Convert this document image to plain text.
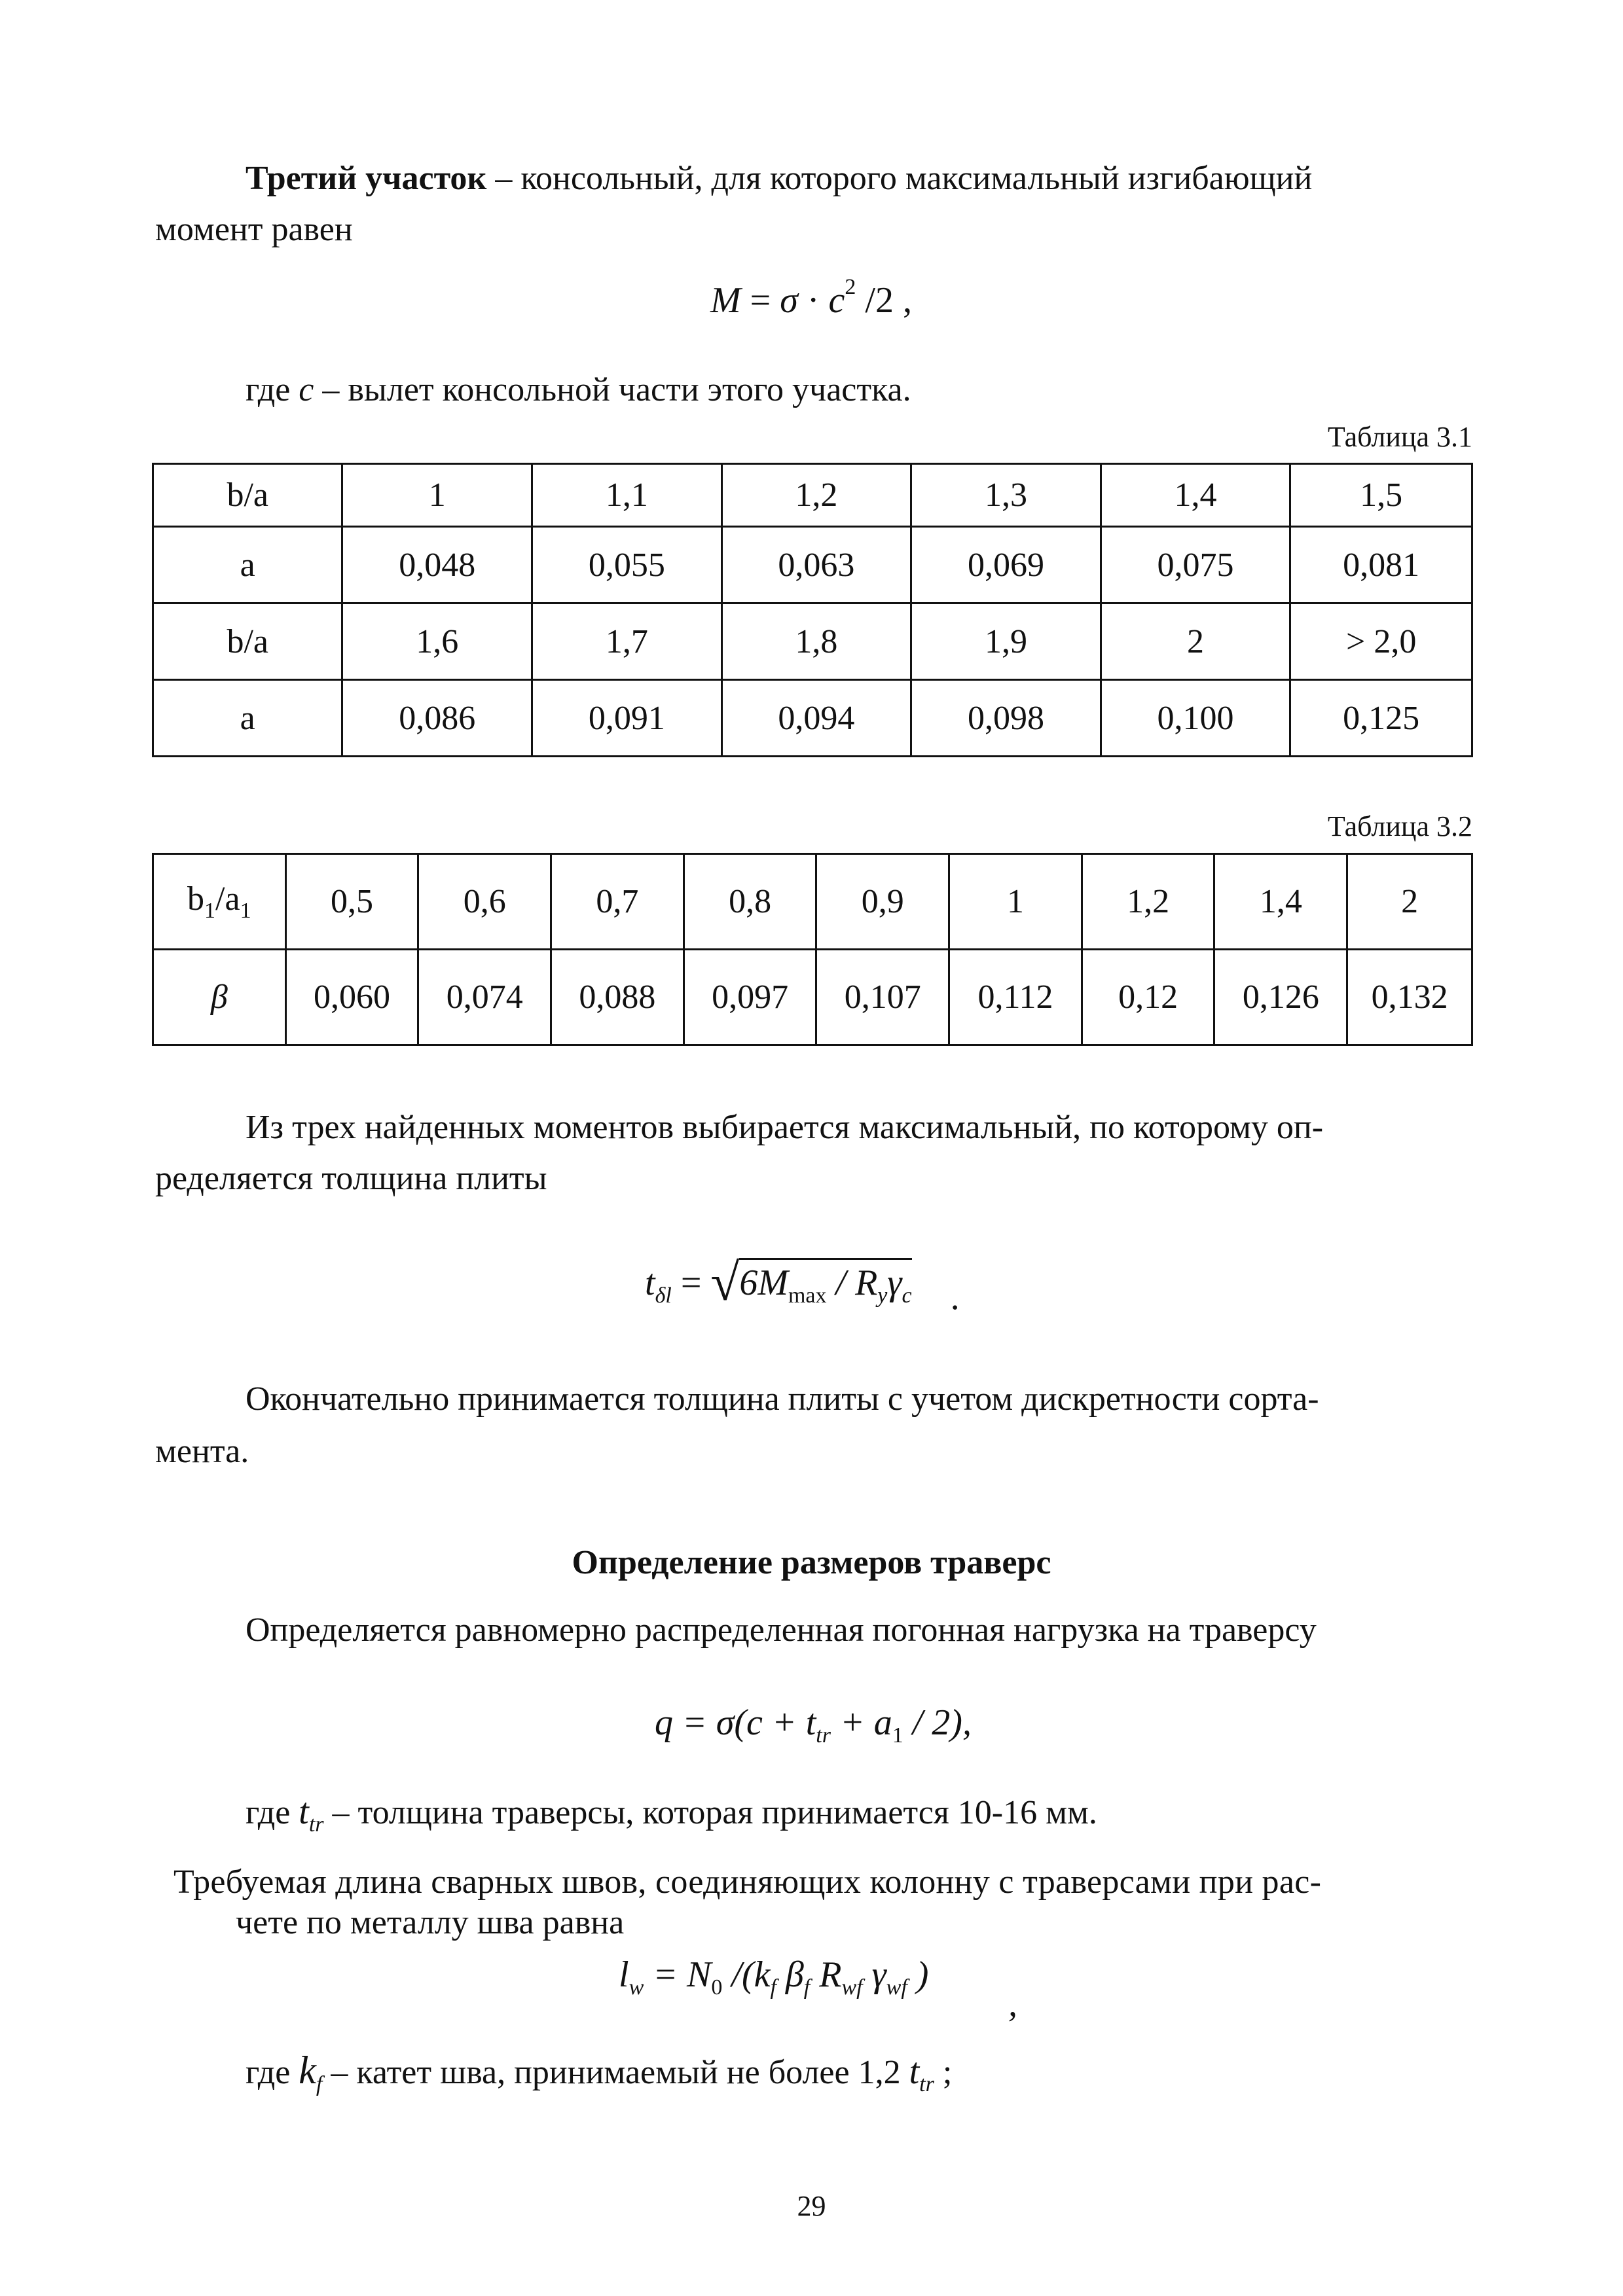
Третий участок – консольный, для которого максимальный изгибающий
момент равен
$M = \sigma \cdot c^2$ /2 ,
где c – вылет консольной части этого участка.
Таблица 3.1
b/a	1	1,1	1,2	1,3	1,4	1,5
a	0,048	0,055	0,063	0,069	0,075	0,081
b/a	1,6	1,7	1,8	1,9	2	> 2,0
a	0,086	0,091	0,094	0,098	0,100	0,125
Таблица 3.2
$b_1/a_1$	0,5	0,6	0,7	0,8	0,9	1	1,2	1,4	2
β	0,060	0,074	0,088	0,097	0,107	0,112	0,12	0,126	0,132
Из трех найденных моментов выбирается максимальный, по которому оп-
ределяется толщина плиты
$t_{\delta l} = √6M_{max} / R_y\gamma_c$ .
Окончательно принимается толщина плиты с учетом дискретности сорта-
мента.
Определение размеров траверс
Определяется равномерно распределенная погонная нагрузка на траверсу
$q = \sigma(c + t_{tr} + a_1 / 2)$,
где $t_{tr}$ – толщина траверсы, которая принимается 10-16 мм.
Требуемая длина сварных швов, соединяющих колонну с траверсами при рас-
чете по металлу шва равна
$l_w = N_0$ $/(k_f$ $\beta_f$ $R_{wf}$ $\gamma_{wf}$ )
,
где $k_f$ – катет шва, принимаемый не более 1,2 $t_{tr}$ ;
29
